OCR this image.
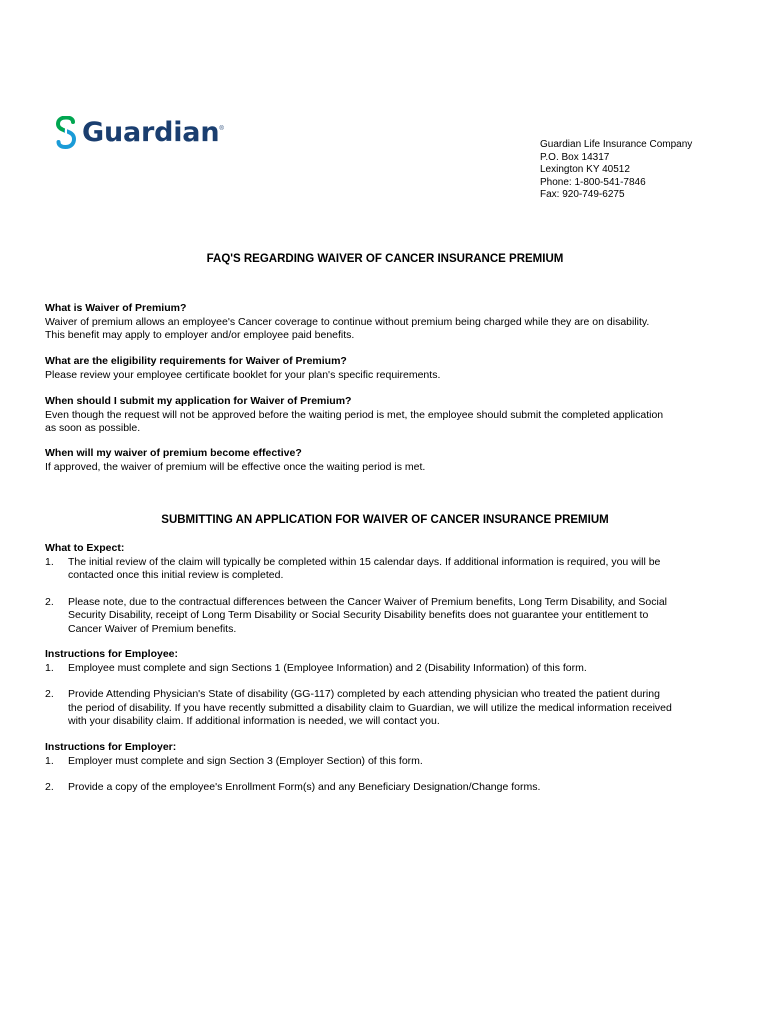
Guardian ®
Guardian Life Insurance Company
P.O. Box 14317
Lexington KY 40512
Phone: 1-800-541-7846
Fax: 920-749-6275
FAQ'S REGARDING WAIVER OF CANCER INSURANCE PREMIUM
What is Waiver of Premium?
Waiver of premium allows an employee's Cancer coverage to continue without premium being charged while they are on disability.
This benefit may apply to employer and/or employee paid benefits.
What are the eligibility requirements for Waiver of Premium?
Please review your employee certificate booklet for your plan's specific requirements.
When should I submit my application for Waiver of Premium?
Even though the request will not be approved before the waiting period is met, the employee should submit the completed application
as soon as possible.
When will my waiver of premium become effective?
If approved, the waiver of premium will be effective once the waiting period is met.
SUBMITTING AN APPLICATION FOR WAIVER OF CANCER INSURANCE PREMIUM
What to Expect:
1. The initial review of the claim will typically be completed within 15 calendar days. If additional information is required, you will be
contacted once this initial review is completed.
2. Please note, due to the contractual differences between the Cancer Waiver of Premium benefits, Long Term Disability, and Social
Security Disability, receipt of Long Term Disability or Social Security Disability benefits does not guarantee your entitlement to
Cancer Waiver of Premium benefits.
Instructions for Employee:
1. Employee must complete and sign Sections 1 (Employee Information) and 2 (Disability Information) of this form.
2. Provide Attending Physician's State of disability (GG-117) completed by each attending physician who treated the patient during
the period of disability. If you have recently submitted a disability claim to Guardian, we will utilize the medical information received
with your disability claim. If additional information is needed, we will contact you.
Instructions for Employer:
1. Employer must complete and sign Section 3 (Employer Section) of this form.
2. Provide a copy of the employee's Enrollment Form(s) and any Beneficiary Designation/Change forms.
